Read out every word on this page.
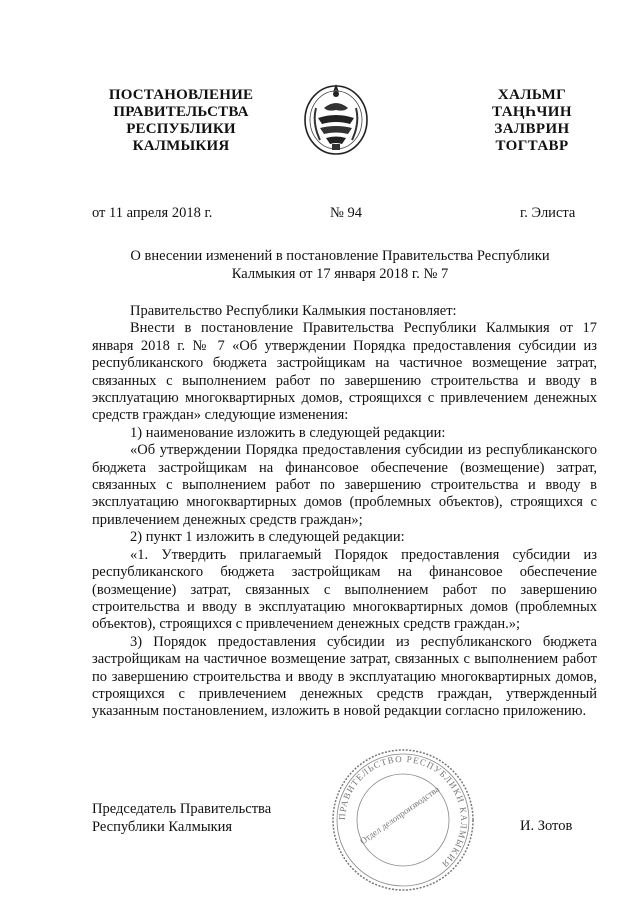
ПОСТАНОВЛЕНИЕ
ПРАВИТЕЛЬСТВА
РЕСПУБЛИКИ
КАЛМЫКИЯ
ХАЛЬМГ
ТАҢҺЧИН
ЗАЛВРИН
ТОГТАВР
от 11 апреля 2018 г.	№ 94	г. Элиста
О внесении изменений в постановление Правительства Республики
Калмыкия от 17 января 2018 г. № 7

Правительство Республики Калмыкия постановляет:

Внести в постановление Правительства Республики Калмыкия от 17 января 2018 г. № 7 «Об утверждении Порядка предоставления субсидии из республиканского бюджета застройщикам на частичное возмещение затрат, связанных с выполнением работ по завершению строительства и вводу в эксплуатацию многоквартирных домов, строящихся с привлечением денежных средств граждан» следующие изменения:

1) наименование изложить в следующей редакции:

«Об утверждении Порядка предоставления субсидии из республиканского бюджета застройщикам на финансовое обеспечение (возмещение) затрат, связанных с выполнением работ по завершению строительства и вводу в эксплуатацию многоквартирных домов (проблемных объектов), строящихся с привлечением денежных средств граждан»;

2) пункт 1 изложить в следующей редакции:

«1. Утвердить прилагаемый Порядок предоставления субсидии из республиканского бюджета застройщикам на финансовое обеспечение (возмещение) затрат, связанных с выполнением работ по завершению строительства и вводу в эксплуатацию многоквартирных домов (проблемных объектов), строящихся с привлечением денежных средств граждан.»;

3) Порядок предоставления субсидии из республиканского бюджета застройщикам на частичное возмещение затрат, связанных с выполнением работ по завершению строительства и вводу в эксплуатацию многоквартирных домов, строящихся с привлечением денежных средств граждан, утвержденный указанным постановлением, изложить в новой редакции согласно приложению.

ПРАВИТЕЛЬСТВО РЕСПУБЛИКИ КАЛМЫКИЯ
Отдел делопроизводства
Председатель Правительства
Республики Калмыкия	И. Зотов
